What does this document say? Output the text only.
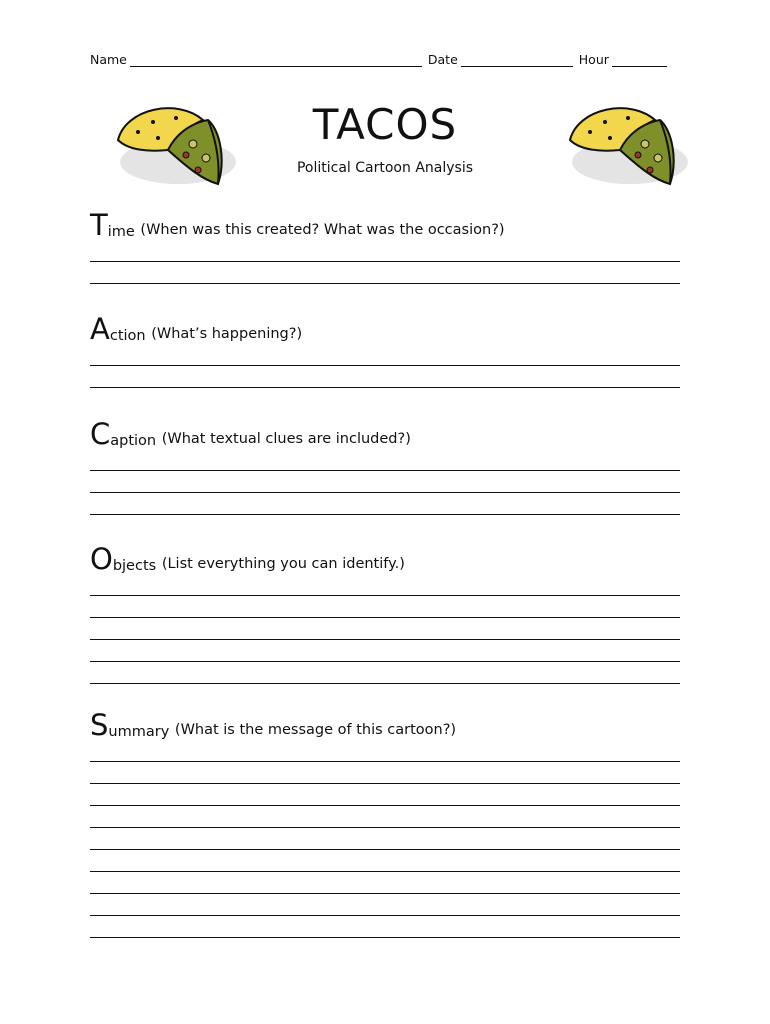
Name	Date	Hour
TACOS
Political Cartoon Analysis
T ime
(When was this created? What was the occasion?)
A ction
(What’s happening?)
C aption
(What textual clues are included?)
O bjects
(List everything you can identify.)
S ummary
(What is the message of this cartoon?)
